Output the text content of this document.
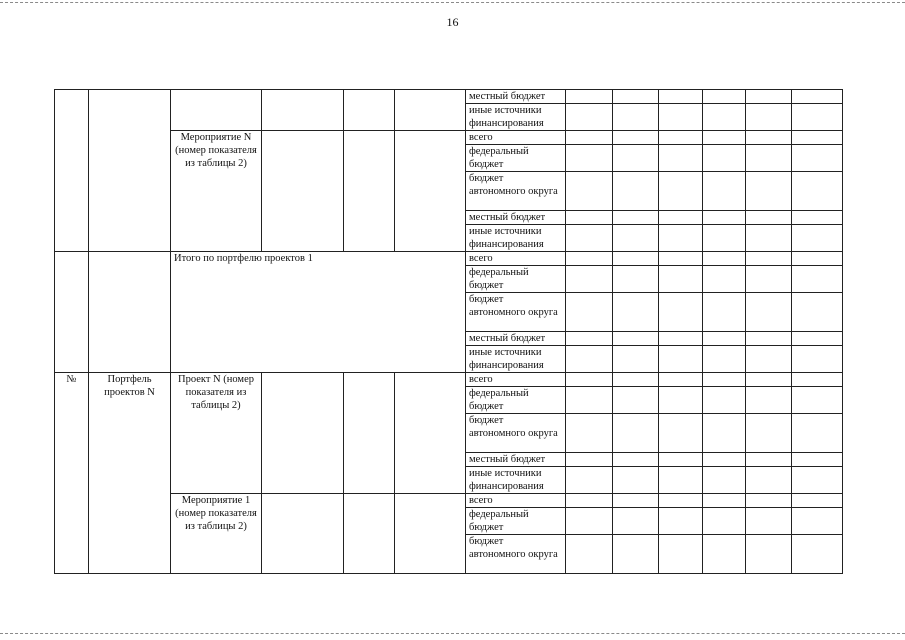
16
						местный бюджет						
						иные источники финансирования						
		Мероприятие N (номер показателя из таблицы 2)				всего						
						федеральный бюджет						
						бюджет автономного округа						
						местный бюджет						
						иные источники финансирования						
		Итого по портфелю проектов 1				всего						
						федеральный бюджет						
						бюджет автономного округа						
						местный бюджет						
						иные источники финансирования						
№	Портфель проектов N	Проект N (номер показателя из таблицы 2)				всего						
						федеральный бюджет						
						бюджет автономного округа						
						местный бюджет						
						иные источники финансирования						
		Мероприятие 1 (номер показателя из таблицы 2)				всего						
						федеральный бюджет						
						бюджет автономного округа						
